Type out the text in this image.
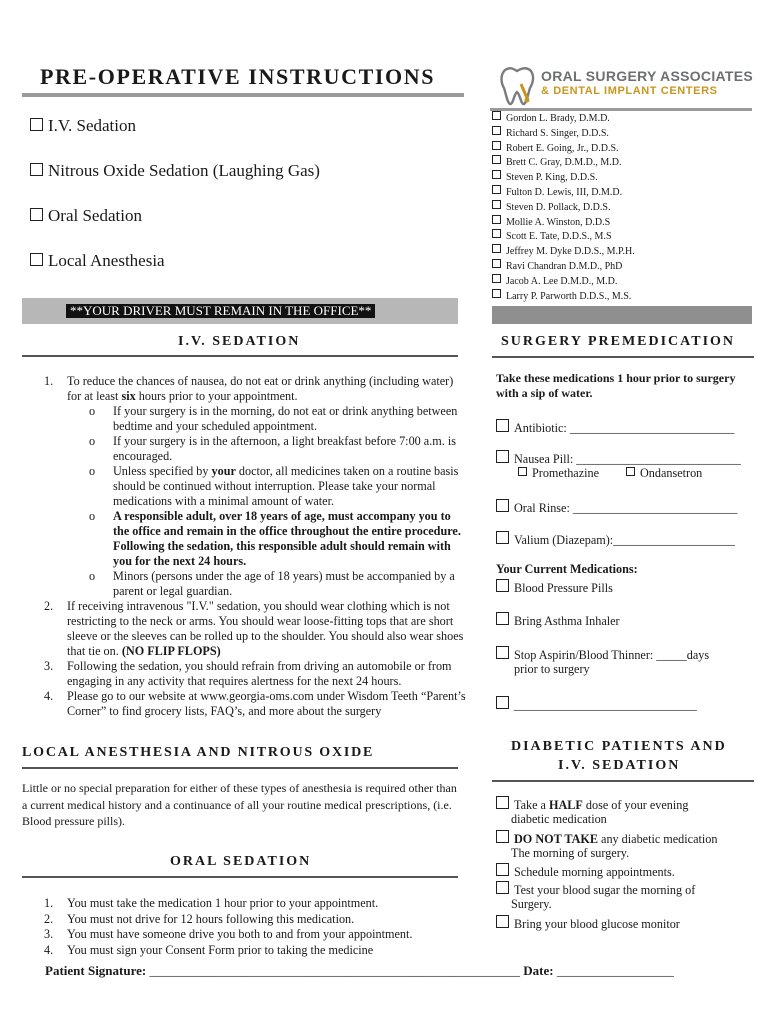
PRE-OPERATIVE INSTRUCTIONS	ORAL SURGERY ASSOCIATES
& DENTAL IMPLANT CENTERS
I.V. Sedation
Nitrous Oxide Sedation (Laughing Gas)
Oral Sedation
Local Anesthesia
Gordon L. Brady, D.M.D.
Richard S. Singer, D.D.S.
Robert E. Going, Jr., D.D.S.
Brett C. Gray, D.M.D., M.D.
Steven P. King, D.D.S.
Fulton D. Lewis, III, D.M.D.
Steven D. Pollack, D.D.S.
Mollie A. Winston, D.D.S
Scott E. Tate, D.D.S., M.S
Jeffrey M. Dyke D.D.S., M.P.H.
Ravi Chandran D.M.D., PhD
Jacob A. Lee D.M.D., M.D.
Larry P. Parworth D.D.S., M.S.
**YOUR DRIVER MUST REMAIN IN THE OFFICE**
I.V. SEDATION
1. To reduce the chances of nausea, do not eat or drink anything (including water) for at least six hours prior to your appointment.
o If your surgery is in the morning, do not eat or drink anything between bedtime and your scheduled appointment.
o If your surgery is in the afternoon, a light breakfast before 7:00 a.m. is encouraged.
o Unless specified by your doctor, all medicines taken on a routine basis should be continued without interruption. Please take your normal medications with a minimal amount of water.
o A responsible adult, over 18 years of age, must accompany you to the office and remain in the office throughout the entire procedure. Following the sedation, this responsible adult should remain with you for the next 24 hours.
o Minors (persons under the age of 18 years) must be accompanied by a parent or legal guardian.
2. If receiving intravenous "I.V." sedation, you should wear clothing which is not restricting to the neck or arms. You should wear loose-fitting tops that are short sleeve or the sleeves can be rolled up to the shoulder. You should also wear shoes that tie on. (NO FLIP FLOPS)
3. Following the sedation, you should refrain from driving an automobile or from engaging in any activity that requires alertness for the next 24 hours.
4. Please go to our website at www.georgia-oms.com under Wisdom Teeth “Parent’s Corner” to find grocery lists, FAQ’s, and more about the surgery
LOCAL ANESTHESIA AND NITROUS OXIDE
Little or no special preparation for either of these types of anesthesia is required other than a current medical history and a continuance of all your routine medical prescriptions, (i.e. Blood pressure pills).
ORAL SEDATION
1. You must take the medication 1 hour prior to your appointment.
2. You must not drive for 12 hours following this medication.
3. You must have someone drive you both to and from your appointment.
4. You must sign your Consent Form prior to taking the medicine
Patient Signature: _________________________________________________________ Date: __________________
SURGERY PREMEDICATION
Take these medications 1 hour prior to surgery with a sip of water.
Antibiotic: ___________________________
Nausea Pill: ___________________________
Promethazine	Ondansetron
Oral Rinse: ___________________________
Valium (Diazepam):____________________
Your Current Medications:
Blood Pressure Pills
Bring Asthma Inhaler
Stop Aspirin/Blood Thinner: _____days
prior to surgery
______________________________
DIABETIC PATIENTS AND
I.V. SEDATION
Take a HALF dose of your evening
diabetic medication
DO NOT TAKE any diabetic medication
The morning of surgery.
Schedule morning appointments.
Test your blood sugar the morning of
Surgery.
Bring your blood glucose monitor
